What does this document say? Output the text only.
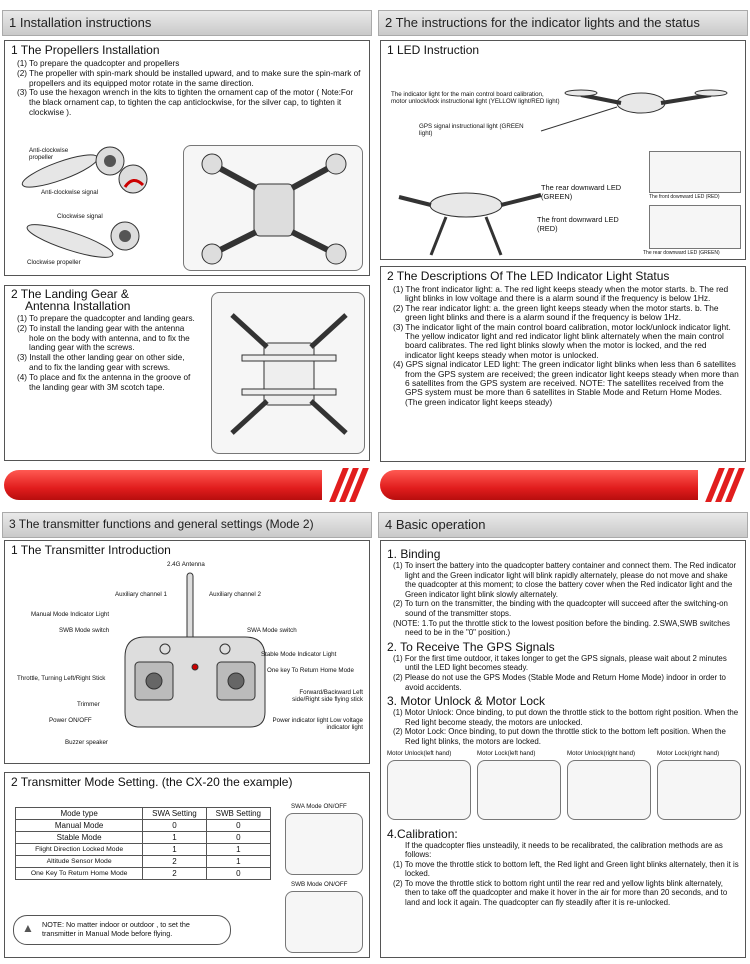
1 Installation instructions
1 The Propellers Installation

(1) To prepare the quadcopter and propellers

(2) The propeller with spin-mark should be installed upward, and to make sure the spin-mark of propellers and its equipped motor rotate in the same direction.

(3) To use the hexagon wrench in the kits to tighten the ornament cap of the motor ( Note:For the black ornament cap, to tighten the cap anticlockwise, for the silver cap, to tighten it clockwise ).

Anti-clockwise propeller
Anti-clockwise signal
Clockwise signal
Clockwise propeller
2 The Landing Gear &
Antenna Installation

(1) To prepare the quadcopter and landing gears.

(2) To install the landing gear with the antenna hole on the body with antenna, and to fix the landing gear with the screws.

(3) Install the other landing gear on other side, and to fix the landing gear with screws.

(4) To place and fix the antenna in the groove of the landing gear with 3M scotch tape.

2 The instructions for the indicator lights and the status
1 LED Instruction
The indicator light for the main control board calibration, motor unlock/lock instructional light (YELLOW light/RED light)
GPS signal instructional light (GREEN light)
The rear downward LED (GREEN)
The front downward LED (RED)
The front downward LED (RED)
The rear downward LED (GREEN)
2 The Descriptions Of The LED Indicator Light Status

(1) The front indicator light: a. The red light keeps steady when the motor starts. b. The red light blinks in low voltage and there is a alarm sound if the frequency is below 1Hz.

(2) The rear indicator light: a. the green light keeps steady when the motor starts. b. The green light blinks and there is a alarm sound if the frequency is below 1Hz.

(3) The indicator light of the main control board calibration, motor lock/unlock indicator light. The yellow indicator light and red indicator light blink alternately when the main control board calibrates. The red light blinks slowly when the motor is locked, and the red indicator light keeps steady when motor is unlocked.

(4) GPS signal indicator LED light: The green indicator light blinks when less than 6 satellites from the GPS system are received; the green indicator light keeps steady when more than 6 satellites from the GPS system are received. NOTE: The satellites received from the GPS system must be more than 6 satellites in Stable Mode and Return Home Modes. (The green indicator light keeps steady)

3 The transmitter functions and general settings (Mode 2)
1 The Transmitter Introduction
2.4G Antenna
Auxiliary channel 1	Auxiliary channel 2
Manual Mode Indicator Light
SWB Mode switch	SWA Mode switch
Stable Mode Indicator Light
One key To Return Home Mode
Throttle, Turning Left/Right Stick
Forward/Backward Left side/Right side flying stick
Trimmer
Power ON/OFF	Power indicator light Low voltage indicator light
Buzzer speaker
2 Transmitter Mode Setting. (the CX-20 the example)
Mode type	SWA Setting	SWB Setting
Manual Mode	0	0
Stable Mode	1	0
Flight Direction Locked Mode	1	1
Altitude Sensor Mode	2	1
One Key To Return Home Mode	2	0
SWA Mode ON/OFF
SWB Mode ON/OFF
▲ NOTE: No matter indoor or outdoor , to set the transmitter in Manual Mode before flying.
4 Basic operation
1. Binding

(1) To insert the battery into the quadcopter battery container and connect them. The Red indicator light and the Green indicator light will blink rapidly alternately, please do not move and shake the quadcopter at this moment; to close the battery cover when the Red indicator light and the Green indicator light blink slowly alternately.

(2) To turn on the transmitter, the binding with the quadcopter will succeed after the switching-on sound of the transmitter stops.

(NOTE: 1.To put the throttle stick to the lowest position before the binding. 2.SWA,SWB switches need to be in the "0" position.)

2. To Receive The GPS Signals

(1) For the first time outdoor, it takes longer to get the GPS signals, please wait about 2 minutes until the LED light becomes steady.

(2) Please do not use the GPS Modes (Stable Mode and Return Home Mode) indoor in order to avoid accidents.

3. Motor Unlock & Motor Lock

(1) Motor Unlock: Once binding, to put down the throttle stick to the bottom right position. When the Red light become steady, the motors are unlocked.

(2) Motor Lock: Once binding, to put down the throttle stick to the bottom left position. When the Red light blinks, the motors are locked.

Motor Unlock(left hand)	Motor Lock(left hand)	Motor Unlock(right hand)	Motor Lock(right hand)
4.Calibration:

If the quadcopter flies unsteadily, it needs to be recalibrated, the calibration methods are as follows:

(1) To move the throttle stick to bottom left, the Red light and Green light blinks alternately, then it is locked.

(2) To move the throttle stick to bottom right until the rear red and yellow lights blink alternately, then to take off the quadcopter and make it hover in the air for more than 20 seconds, and to land and lock it again. The quadcopter can fly steadily after it is re-unlocked.
